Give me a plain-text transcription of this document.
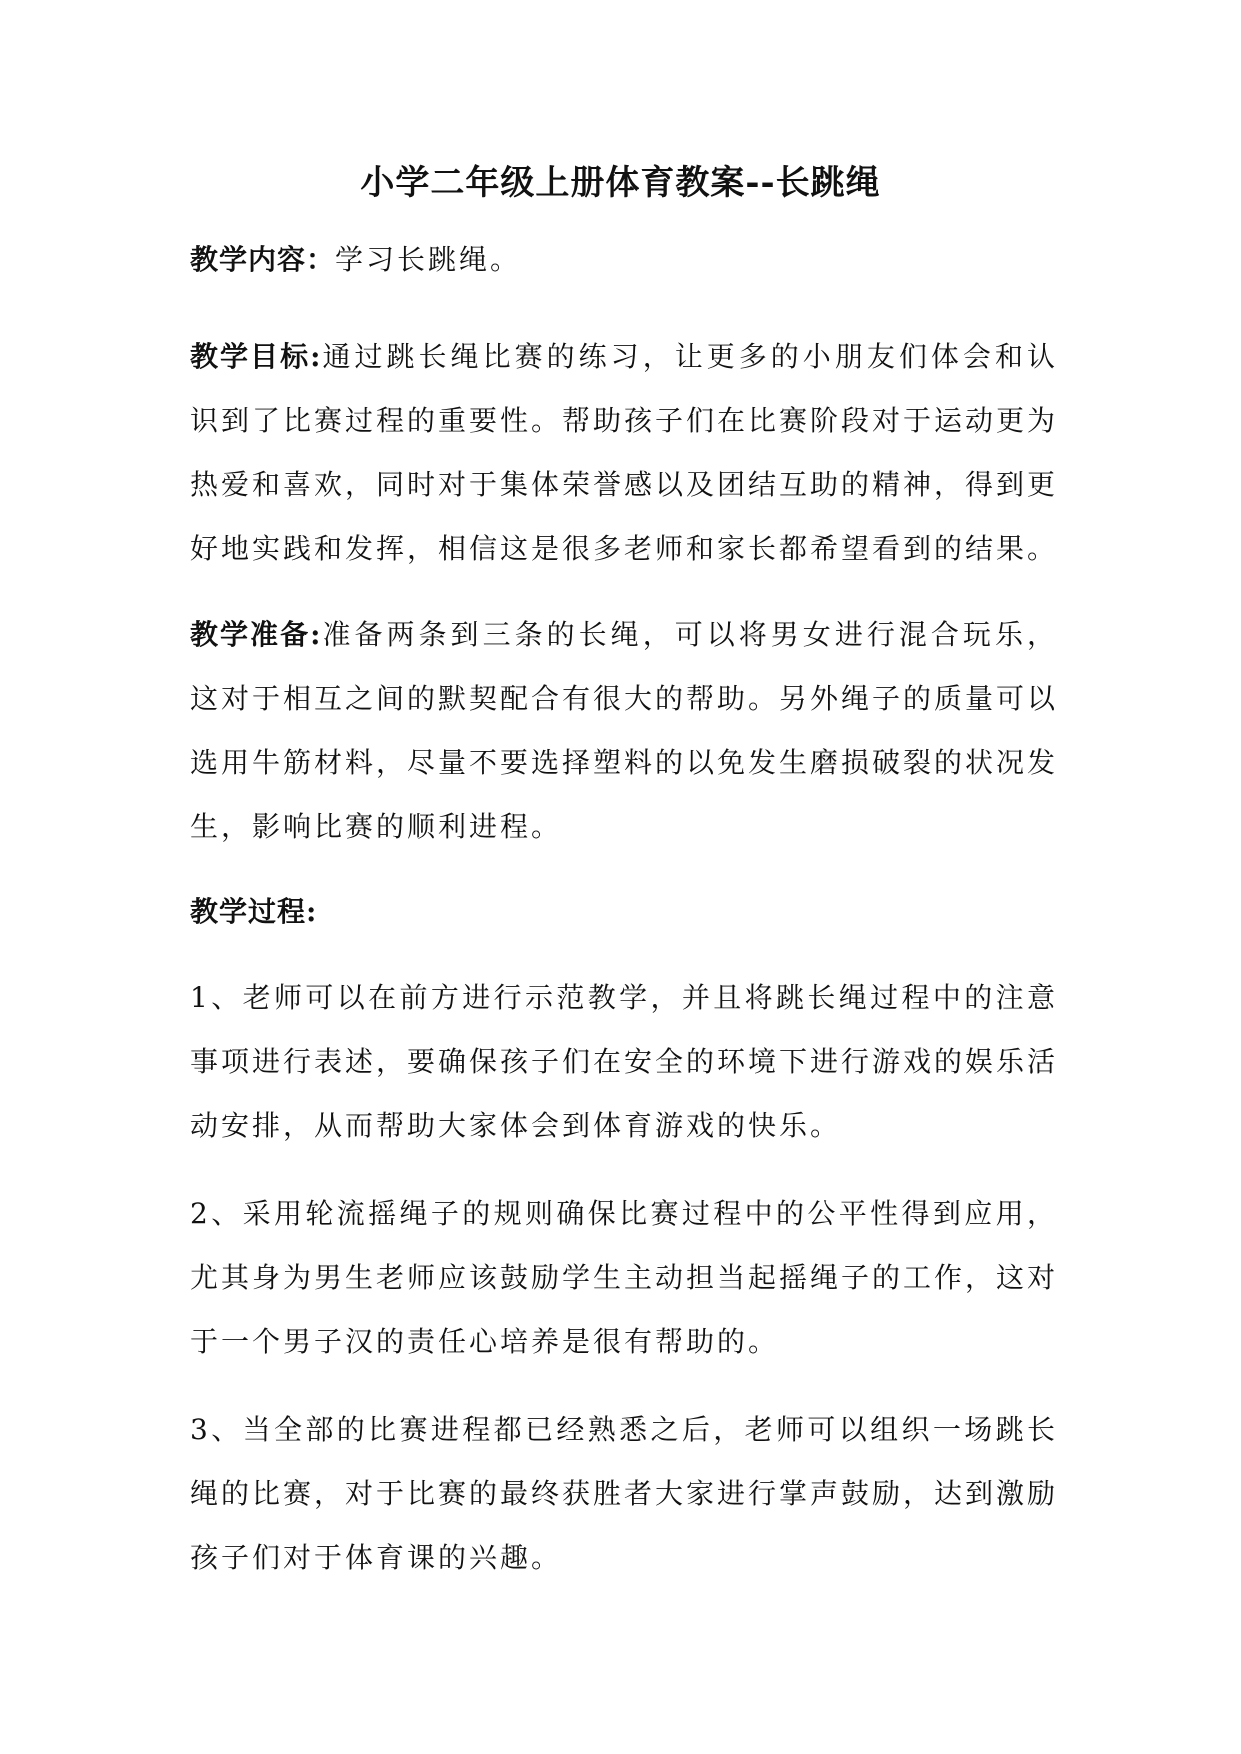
小学二年级上册体育教案--长跳绳

教学内容：学习长跳绳。

教学目标:通过跳长绳比赛的练习，让更多的小朋友们体会和认识到了比赛过程的重要性。帮助孩子们在比赛阶段对于运动更为热爱和喜欢，同时对于集体荣誉感以及团结互助的精神，得到更好地实践和发挥，相信这是很多老师和家长都希望看到的结果。

教学准备:准备两条到三条的长绳，可以将男女进行混合玩乐，这对于相互之间的默契配合有很大的帮助。另外绳子的质量可以选用牛筋材料，尽量不要选择塑料的以免发生磨损破裂的状况发生，影响比赛的顺利进程。

教学过程:

1、老师可以在前方进行示范教学，并且将跳长绳过程中的注意事项进行表述，要确保孩子们在安全的环境下进行游戏的娱乐活动安排，从而帮助大家体会到体育游戏的快乐。

2、采用轮流摇绳子的规则确保比赛过程中的公平性得到应用，尤其身为男生老师应该鼓励学生主动担当起摇绳子的工作，这对于一个男子汉的责任心培养是很有帮助的。

3、当全部的比赛进程都已经熟悉之后，老师可以组织一场跳长绳的比赛，对于比赛的最终获胜者大家进行掌声鼓励，达到激励孩子们对于体育课的兴趣。
